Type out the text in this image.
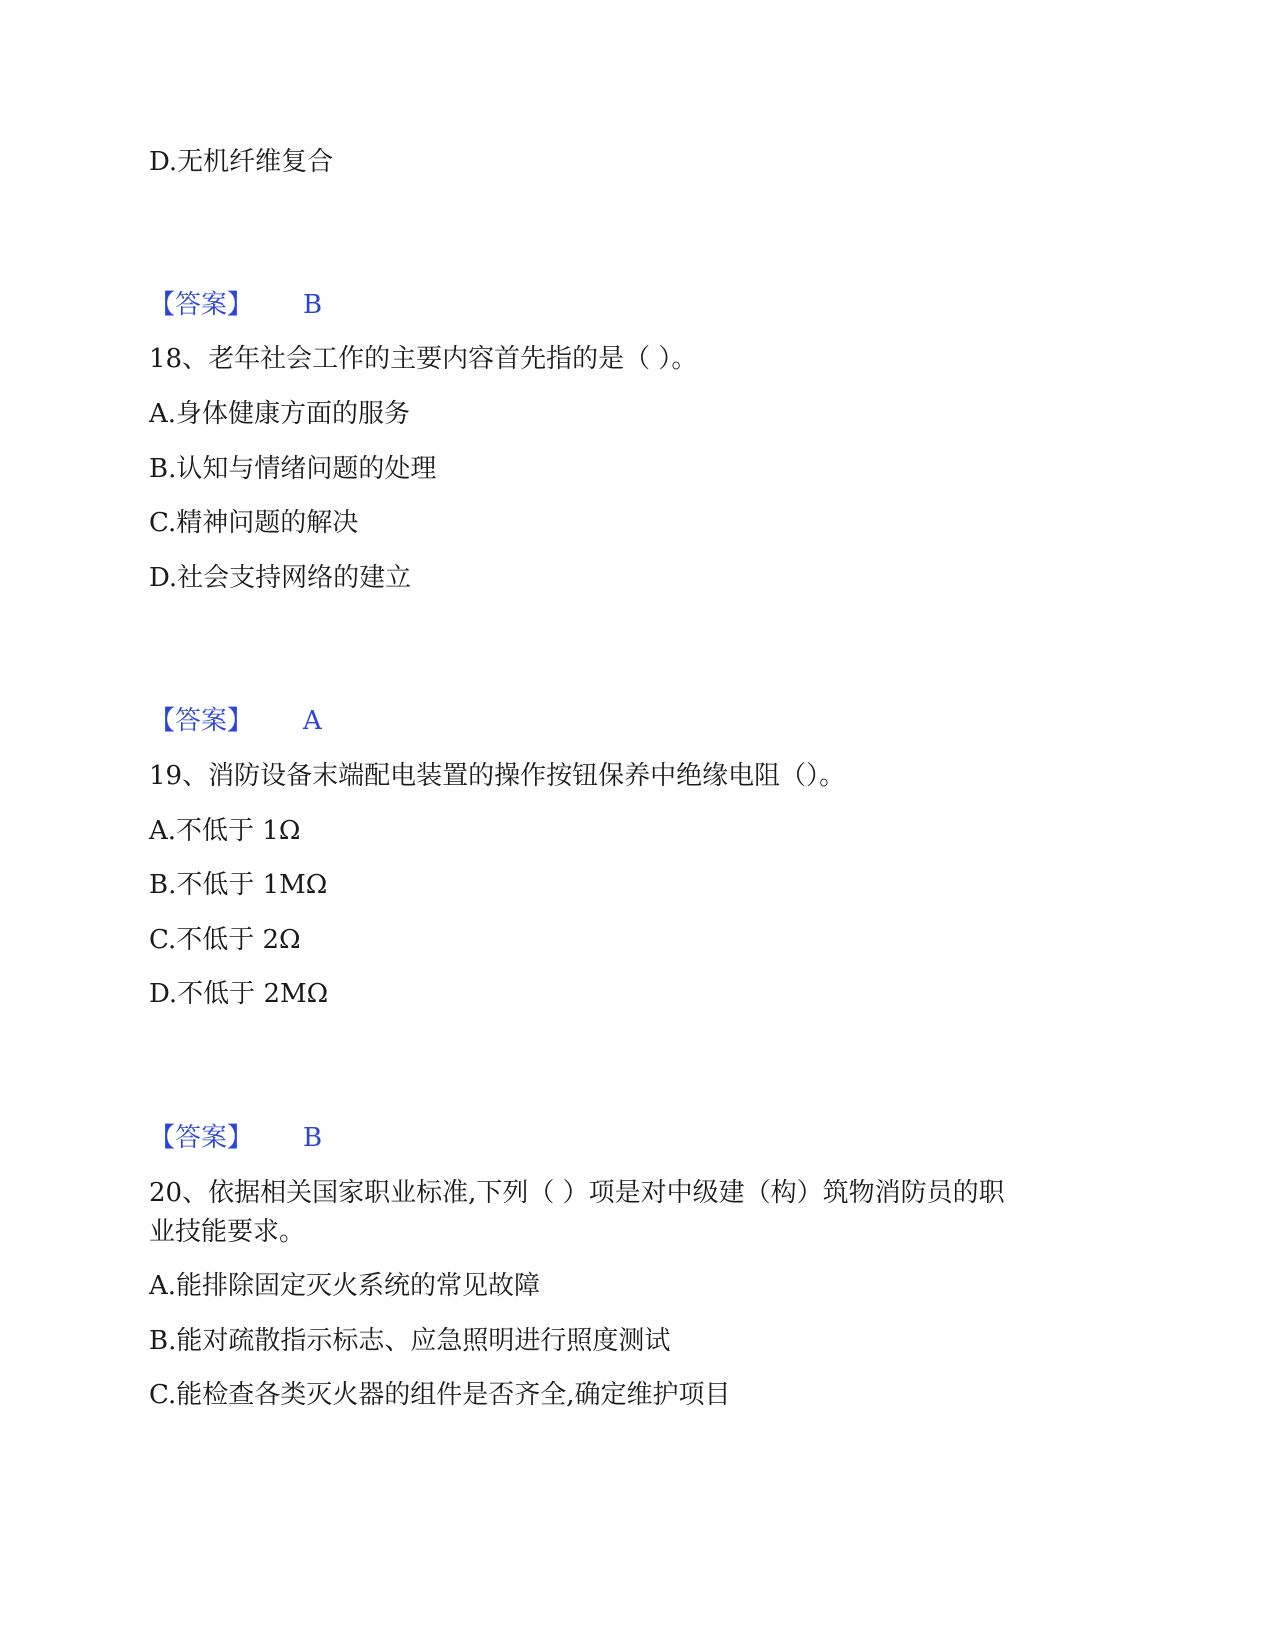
D.无机纤维复合

【答案】 B

18、老年社会工作的主要内容首先指的是（ ）。

A.身体健康方面的服务

B.认知与情绪问题的处理

C.精神问题的解决

D.社会支持网络的建立

【答案】 A

19、消防设备末端配电装置的操作按钮保养中绝缘电阻（）。

A.不低于 1Ω

B.不低于 1MΩ

C.不低于 2Ω

D.不低于 2MΩ

【答案】 B

20、依据相关国家职业标准,下列（ ）项是对中级建（构）筑物消防员的职

业技能要求。

A.能排除固定灭火系统的常见故障

B.能对疏散指示标志、应急照明进行照度测试

C.能检查各类灭火器的组件是否齐全,确定维护项目
